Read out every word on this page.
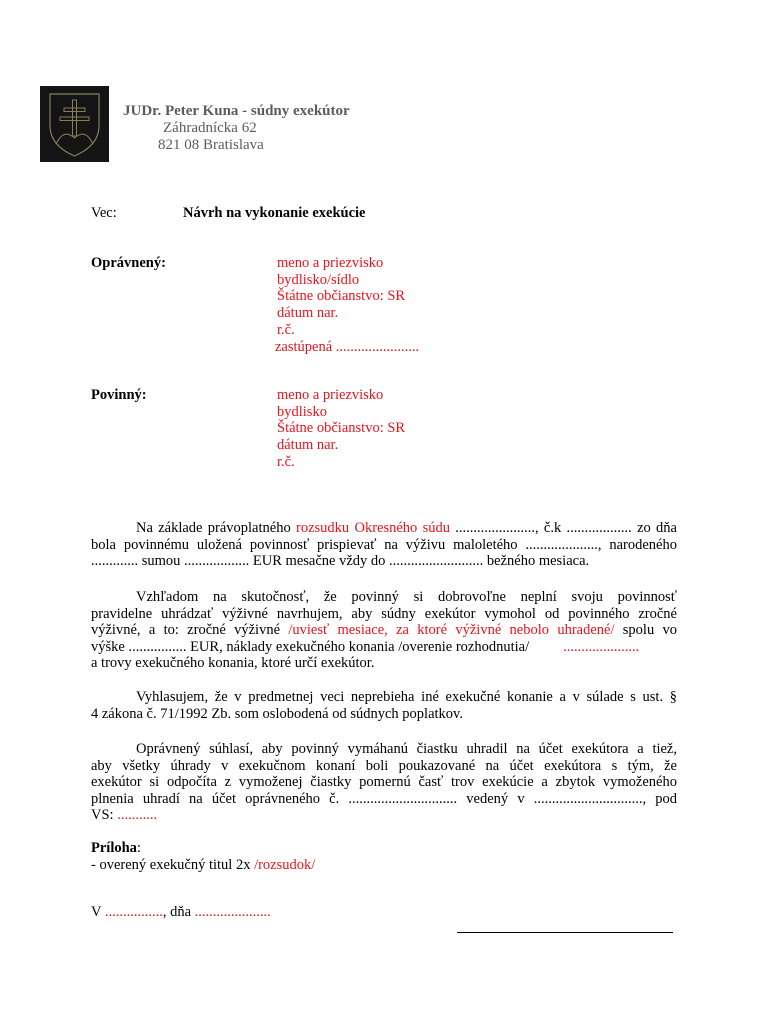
JUDr. Peter Kuna - súdny exekútor
Záhradnícka 62
821 08 Bratislava
Vec:	Návrh na vykonanie exekúcie
Oprávnený:	meno a priezvisko
bydlisko/sídlo
Štátne občianstvo: SR
dátum nar.
r.č.
zastúpená .......................
Povinný:	meno a priezvisko
bydlisko
Štátne občianstvo: SR
dátum nar.
r.č.
Na základe právoplatného rozsudku Okresného súdu ......................, č.k .................. zo dňa
bola povinnému uložená povinnosť prispievať na výživu maloletého ...................., narodeného
............. sumou .................. EUR mesačne vždy do .......................... bežného mesiaca.
Vzhľadom na skutočnosť, že povinný si dobrovoľne neplní svoju povinnosť
pravidelne uhrádzať výživné navrhujem, aby súdny exekútor vymohol od povinného zročné
výživné, a to: zročné výživné /uviesť mesiace, za ktoré výživné nebolo uhradené/ spolu vo
výške ................ EUR, náklady exekučného konania /overenie rozhodnutia/ .....................
a trovy exekučného konania, ktoré určí exekútor.
Vyhlasujem, že v predmetnej veci neprebieha iné exekučné konanie a v súlade s ust. §
4 zákona č. 71/1992 Zb. som oslobodená od súdnych poplatkov.
Oprávnený súhlasí, aby povinný vymáhanú čiastku uhradil na účet exekútora a tiež,
aby všetky úhrady v exekučnom konaní boli poukazované na účet exekútora s tým, že
exekútor si odpočíta z vymoženej čiastky pomernú časť trov exekúcie a zbytok vymoženého
plnenia uhradí na účet oprávneného č. .............................. vedený v .............................., pod
VS: ...........
Príloha:
- overený exekučný titul 2x /rozsudok/
V ................, dňa .....................
